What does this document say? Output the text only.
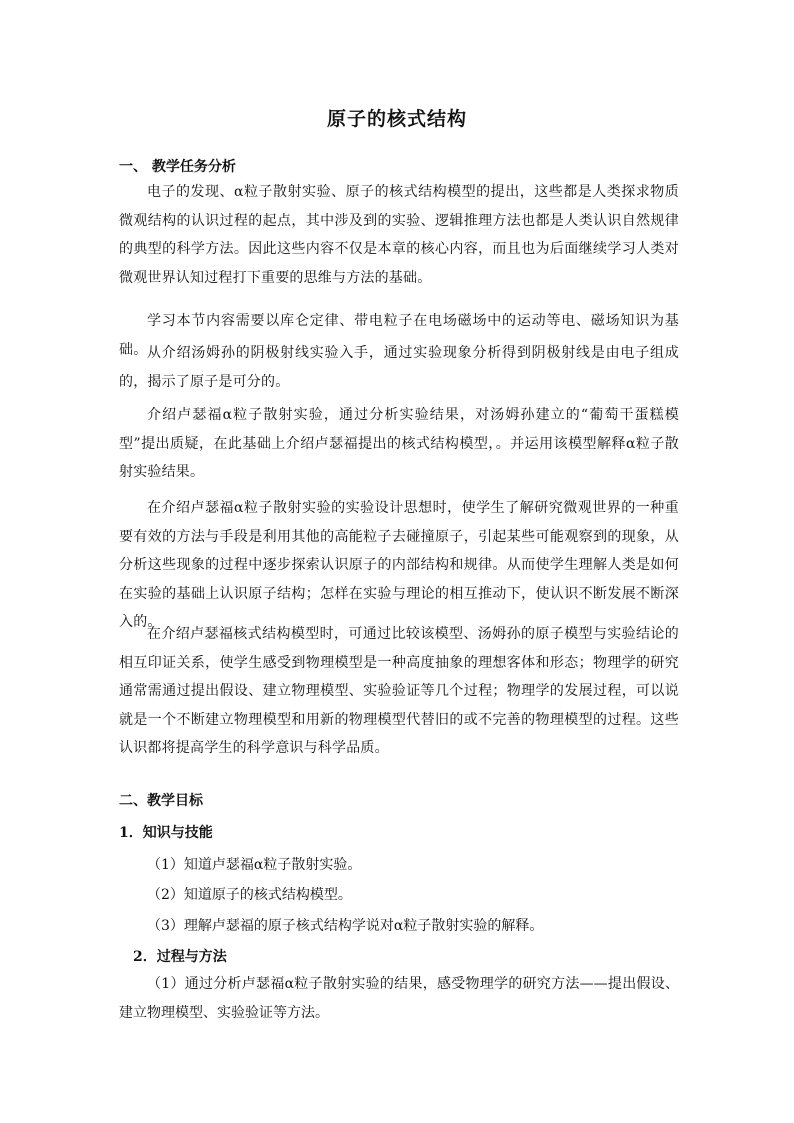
原子的核式结构
一、 教学任务分析
电子的发现、α粒子散射实验、原子的核式结构模型的提出，这些都是人类探求物质微观结构的认识过程的起点，其中涉及到的实验、逻辑推理方法也都是人类认识自然规律的典型的科学方法。因此这些内容不仅是本章的核心内容，而且也为后面继续学习人类对微观世界认知过程打下重要的思维与方法的基础。
学习本节内容需要以库仑定律、带电粒子在电场磁场中的运动等电、磁场知识为基础。 从介绍汤姆孙的阴极射线实验入手，通过实验现象分析得到阴极射线是由电子组成的，揭示了原子是可分的。
介绍卢瑟福α粒子散射实验，通过分析实验结果，对汤姆孙建立的“葡萄干蛋糕模型”提出质疑，在此基础上介绍卢瑟福提出的核式结构模型，。并运用该模型解释α粒子散射实验结果。
在介绍卢瑟福α粒子散射实验的实验设计思想时，使学生了解研究微观世界的一种重要有效的方法与手段是利用其他的高能粒子去碰撞原子，引起某些可能观察到的现象，从分析这些现象的过程中逐步探索认识原子的内部结构和规律。从而使学生理解人类是如何在实验的基础上认识原子结构；怎样在实验与理论的相互推动下，使认识不断发展不断深入的。
在介绍卢瑟福核式结构模型时，可通过比较该模型、汤姆孙的原子模型与实验结论的相互印证关系，使学生感受到物理模型是一种高度抽象的理想客体和形态；物理学的研究通常需通过提出假设、建立物理模型、实验验证等几个过程；物理学的发展过程，可以说就是一个不断建立物理模型和用新的物理模型代替旧的或不完善的物理模型的过程。这些认识都将提高学生的科学意识与科学品质。
二、教学目标
1．知识与技能
（1）知道卢瑟福α粒子散射实验。
（2）知道原子的核式结构模型。
（3）理解卢瑟福的原子核式结构学说对α粒子散射实验的解释。
2．过程与方法
（1）通过分析卢瑟福α粒子散射实验的结果，感受物理学的研究方法——提出假设、建立物理模型、实验验证等方法。
